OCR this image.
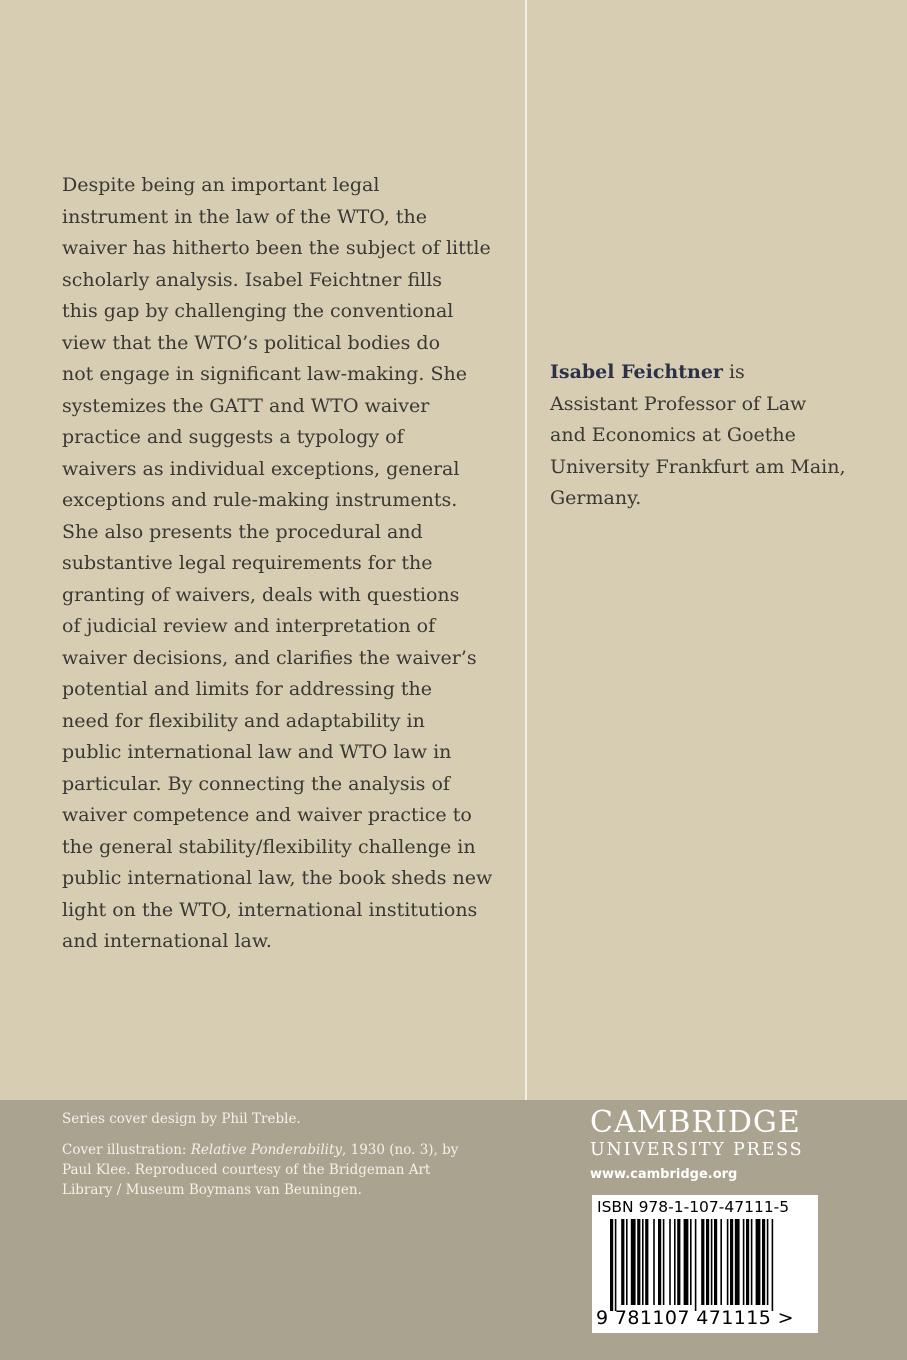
Despite being an important legal

instrument in the law of the WTO, the

waiver has hitherto been the subject of little

scholarly analysis. Isabel Feichtner fills

this gap by challenging the conventional

view that the WTO’s political bodies do

not engage in significant law-making. She

systemizes the GATT and WTO waiver

practice and suggests a typology of

waivers as individual exceptions, general

exceptions and rule-making instruments.

She also presents the procedural and

substantive legal requirements for the

granting of waivers, deals with questions

of judicial review and interpretation of

waiver decisions, and clarifies the waiver’s

potential and limits for addressing the

need for flexibility and adaptability in

public international law and WTO law in

particular. By connecting the analysis of

waiver competence and waiver practice to

the general stability/flexibility challenge in

public international law, the book sheds new

light on the WTO, international institutions

and international law.

Isabel Feichtner is

Assistant Professor of Law

and Economics at Goethe

University Frankfurt am Main,

Germany.

Series cover design by Phil Treble.

Cover illustration: Relative Ponderability, 1930 (no. 3), by
Paul Klee. Reproduced courtesy of the Bridgeman Art
Library / Museum Boymans van Beuningen.

CAMBRIDGE
UNIVERSITY PRESS
www.cambridge.org
ISBN 978-1-107-47111-5
9 781107 471115 >
